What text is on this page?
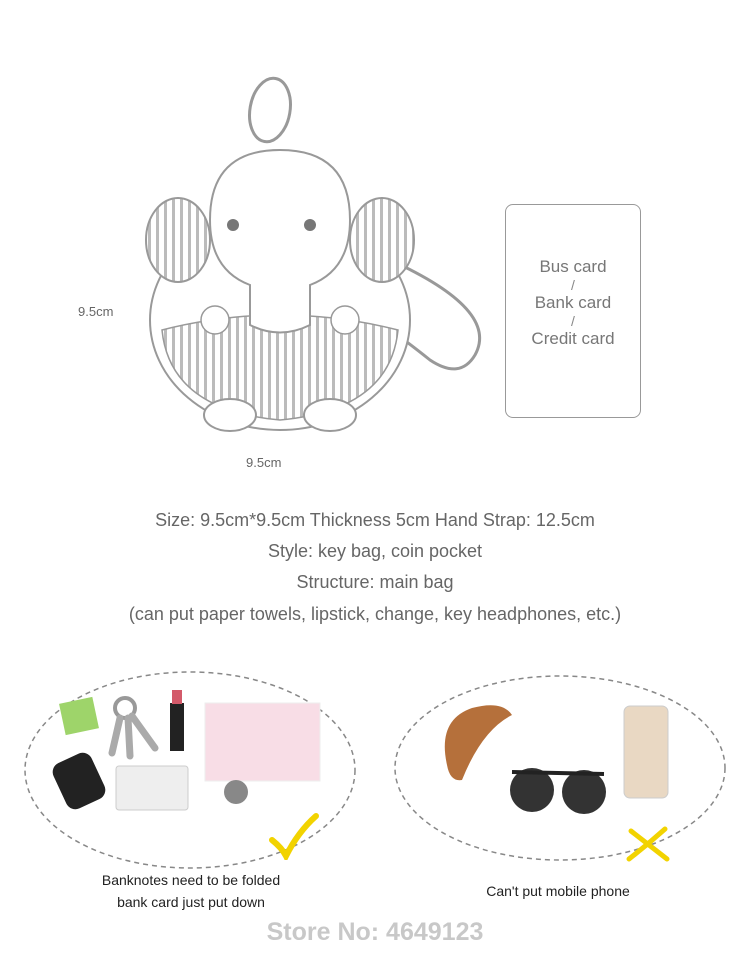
9.5cm
9.5cm
Bus card
/
Bank card
/
Credit card
Size: 9.5cm*9.5cm Thickness 5cm Hand Strap: 12.5cm
Style: key bag, coin pocket
Structure: main bag
(can put paper towels, lipstick, change, key headphones, etc.)
Banknotes need to be folded
bank card just put down
Can't put mobile phone
Store No: 4649123
